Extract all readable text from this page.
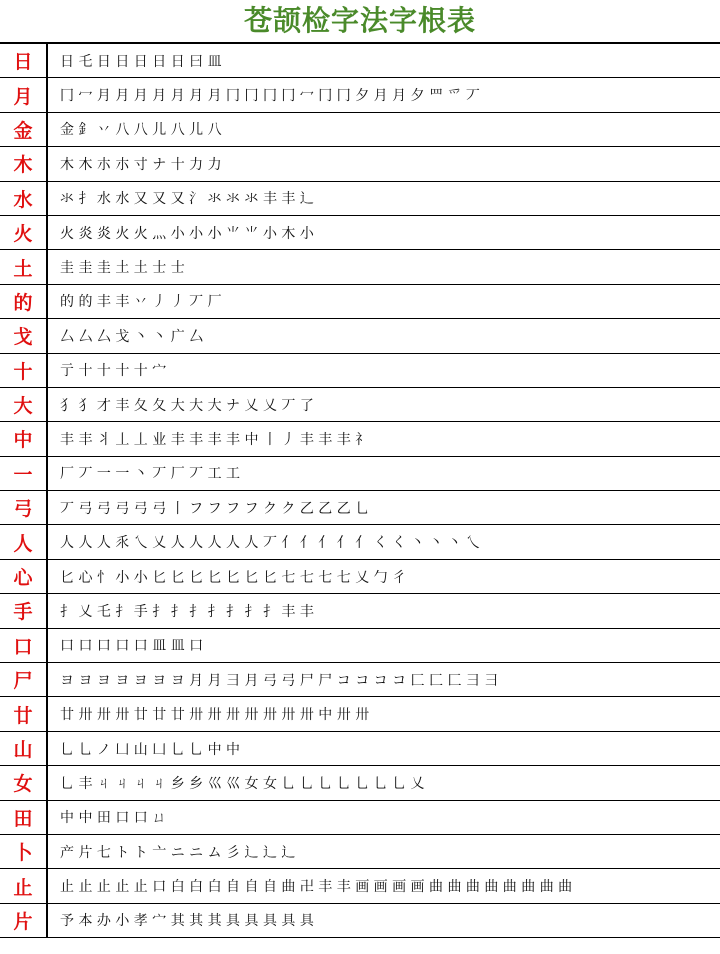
苍颉检字法字根表
日	日 乇 日 日 日 日 日 曰 皿
月	冂 冖 月 月 月 月 月 月 月 冂 冂 冂 冂 冖 冂 冂 夕 月 月 夕 罒 爫 丆
金	金 釒 丷 八 八 儿 八 儿 八
木	木 木 朩 朩 寸 ナ 十 力 力
水	氺 扌 水 水 又 又 又 氵 氺 氺 氺 丰 丰 辶
火	火 炎 炎 火 火 灬 小 小 小 ⺌ ⺌ 小 木 小
土	圭 圭 圭 土 土 士 士
的	的 的 丰 丰 丷 丿 丿 丆 厂
戈	厶 厶 厶 戈 丶 丶 广 厶
十	亍 十 十 十 十 宀
大	犭 犭 才 丰 夂 夂 大 大 大 ナ 乂 乂 丆 了
中	丰 丰 丬 丄 丄 业 丰 丰 丰 丰 中 丨 丿 丰 丰 丰 礻
一	厂 丆 一 一 丶 丆 厂 丆 工 工
弓	丆 弓 弓 弓 弓 弓 丨 フ フ フ フ ク ク 乙 乙 乙 乚
人	人 人 人 乑 乀 乂 人 人 人 人 人 丆 亻 亻 亻 亻 亻 く く 丶 丶 丶 乀
心	匕 心 忄 小 小 匕 匕 匕 匕 匕 匕 匕 七 七 七 七 乂 勹 彳
手	扌 乂 乇 扌 手 扌 扌 扌 扌 扌 扌 扌 丰 丰
口	口 口 口 口 口 皿 皿 口
尸	ヨ ヨ ヨ ヨ ヨ ヨ ヨ 月 月 彐 月 弓 弓 尸 尸 コ コ コ コ 匚 匚 匚 ⺕ ⺕
廿	廿 卅 卅 卅 廿 廿 廿 卅 卅 卅 卅 卅 卅 卅 中 卅 卅
山	乚 乚 ノ 凵 山 凵 乚 乚 中 中
女	乚 丰 ㄐ ㄐ ㄐ ㄐ 乡 乡 巛 巛 女 女 乚 乚 乚 乚 乚 乚 乚 乂
田	中 中 田 口 口 ㄩ
卜	产 片 七 ト ト 亠 ニ ニ ム 彡 辶 辶 辶
止	止 止 止 止 止 口 白 白 白 自 自 自 曲 卍 丰 丰 画 画 画 画 曲 曲 曲 曲 曲 曲 曲 曲
片	予 本 办 小 孝 宀 其 其 其 具 具 具 具 具
